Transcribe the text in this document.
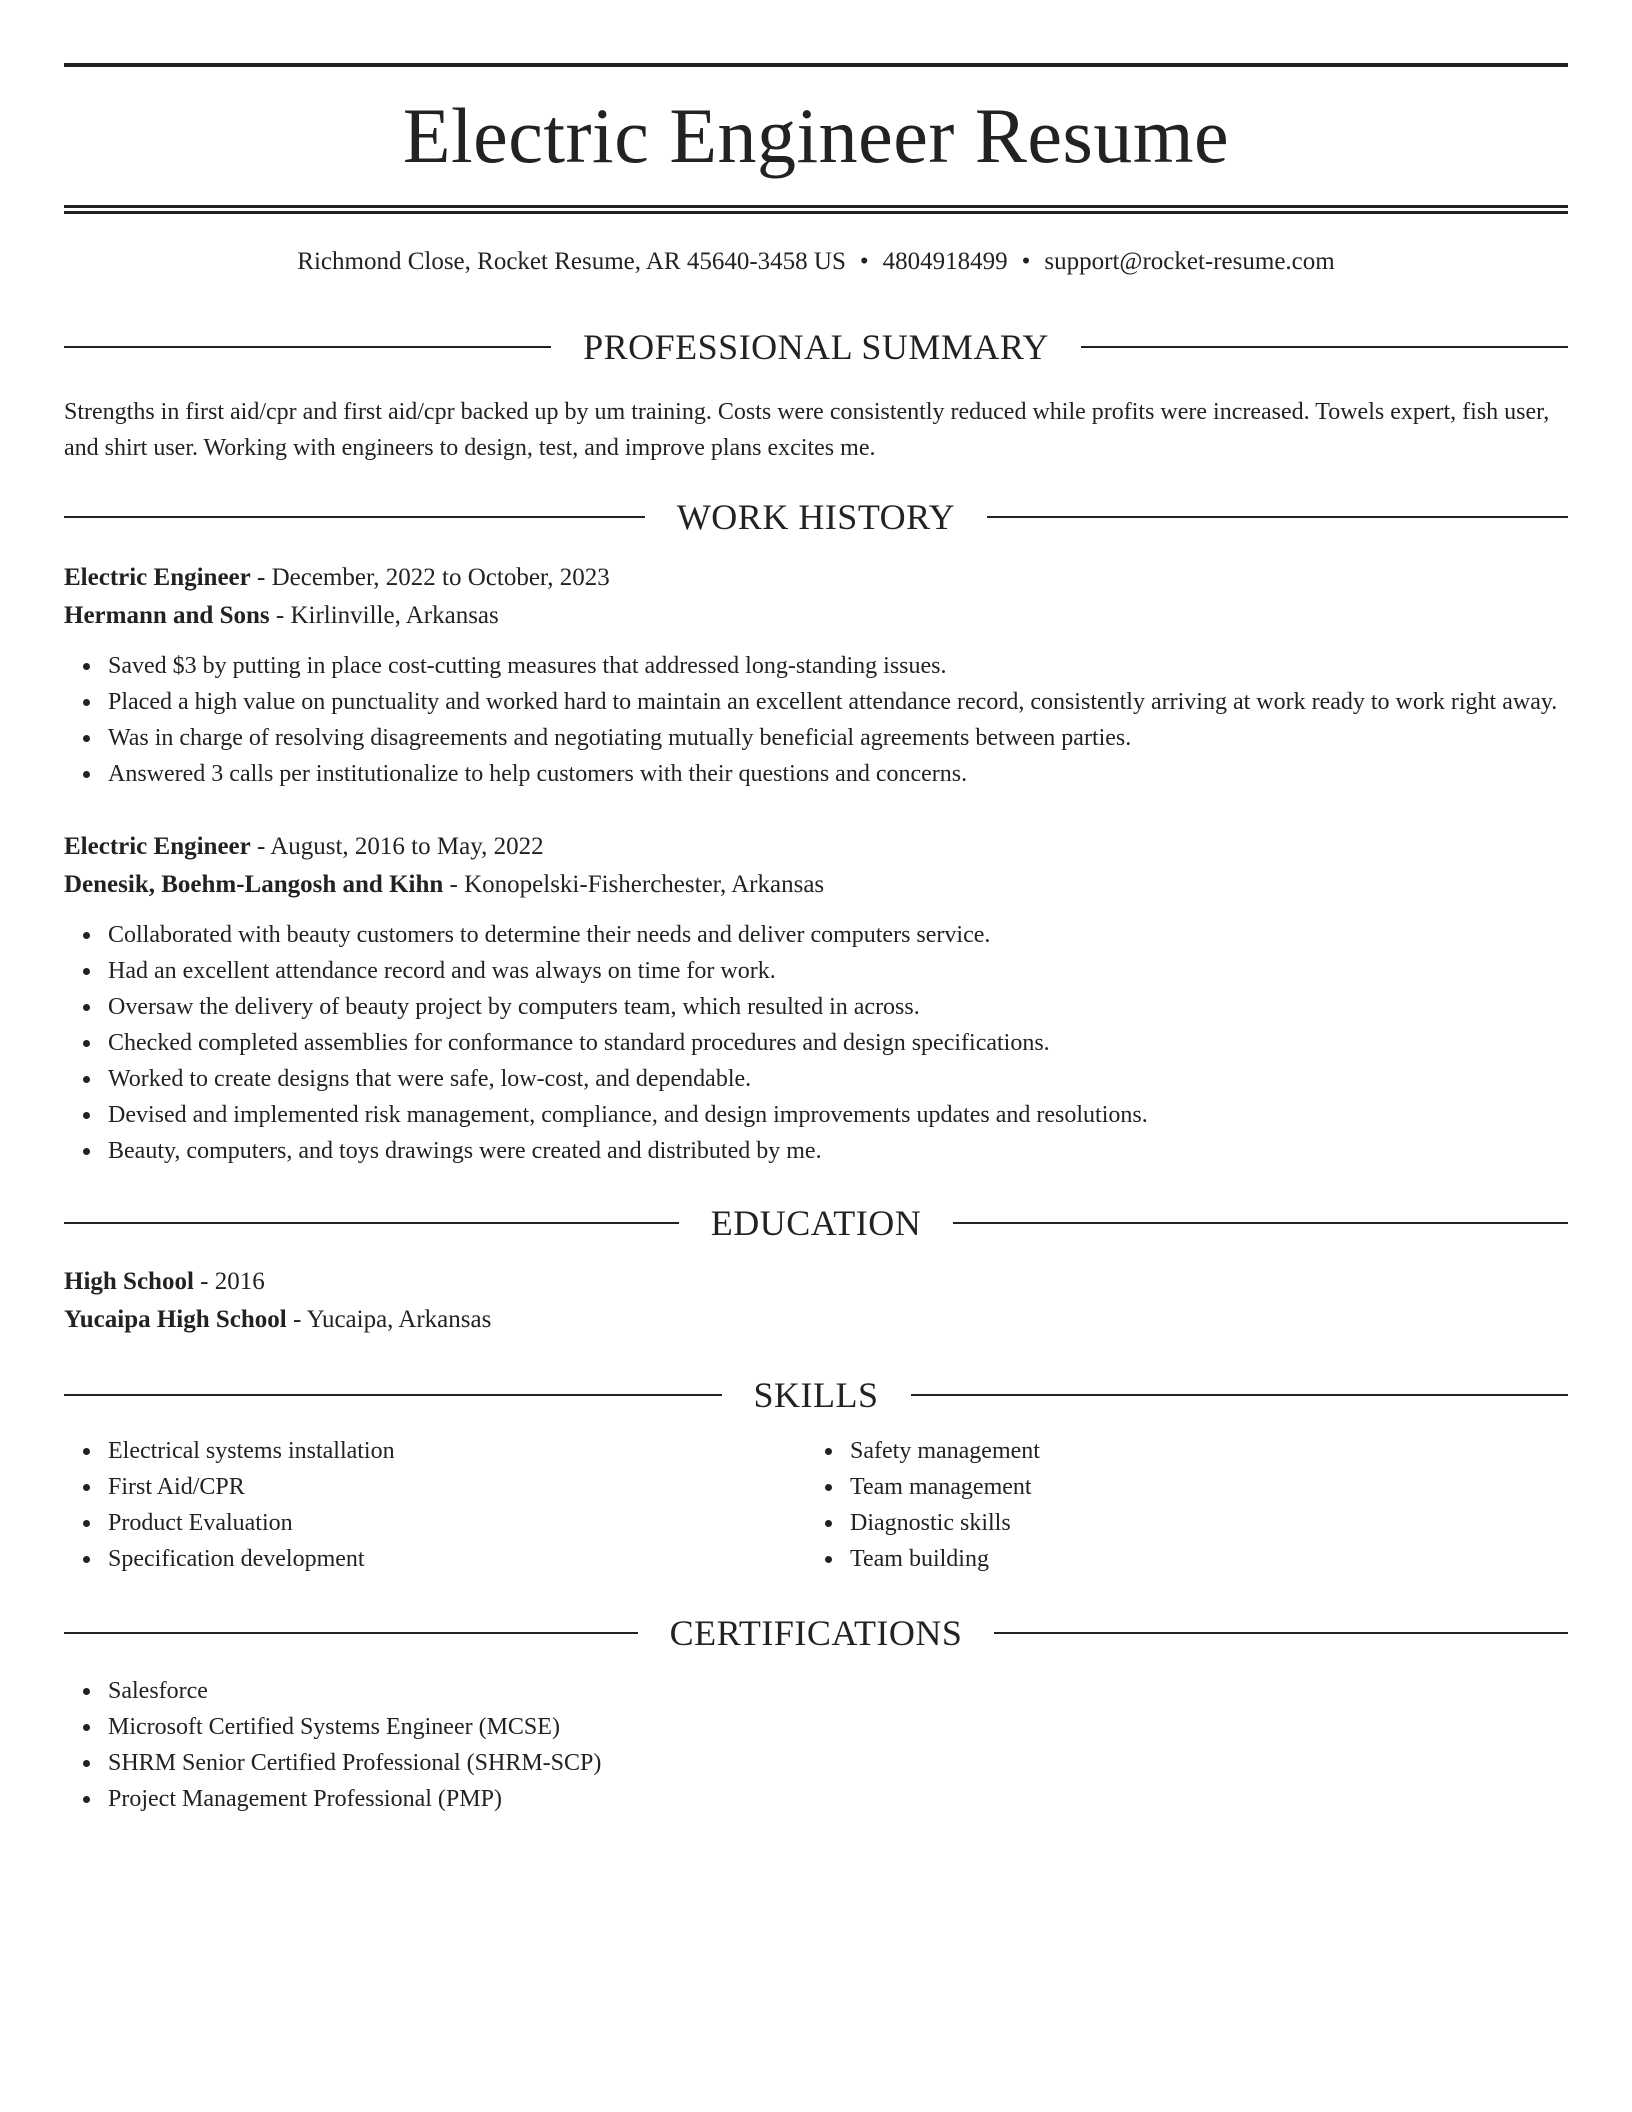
Electric Engineer Resume
Richmond Close, Rocket Resume, AR 45640-3458 US • 4804918499 • support@rocket-resume.com
PROFESSIONAL SUMMARY
Strengths in first aid/cpr and first aid/cpr backed up by um training. Costs were consistently reduced while profits were increased. Towels expert, fish user, and shirt user. Working with engineers to design, test, and improve plans excites me.
WORK HISTORY
Electric Engineer - December, 2022 to October, 2023
Hermann and Sons - Kirlinville, Arkansas
Saved $3 by putting in place cost-cutting measures that addressed long-standing issues.
Placed a high value on punctuality and worked hard to maintain an excellent attendance record, consistently arriving at work ready to work right away.
Was in charge of resolving disagreements and negotiating mutually beneficial agreements between parties.
Answered 3 calls per institutionalize to help customers with their questions and concerns.
Electric Engineer - August, 2016 to May, 2022
Denesik, Boehm-Langosh and Kihn - Konopelski-Fisherchester, Arkansas
Collaborated with beauty customers to determine their needs and deliver computers service.
Had an excellent attendance record and was always on time for work.
Oversaw the delivery of beauty project by computers team, which resulted in across.
Checked completed assemblies for conformance to standard procedures and design specifications.
Worked to create designs that were safe, low-cost, and dependable.
Devised and implemented risk management, compliance, and design improvements updates and resolutions.
Beauty, computers, and toys drawings were created and distributed by me.
EDUCATION
High School - 2016
Yucaipa High School - Yucaipa, Arkansas
SKILLS
Electrical systems installation
First Aid/CPR
Product Evaluation
Specification development
Safety management
Team management
Diagnostic skills
Team building
CERTIFICATIONS
Salesforce
Microsoft Certified Systems Engineer (MCSE)
SHRM Senior Certified Professional (SHRM-SCP)
Project Management Professional (PMP)
